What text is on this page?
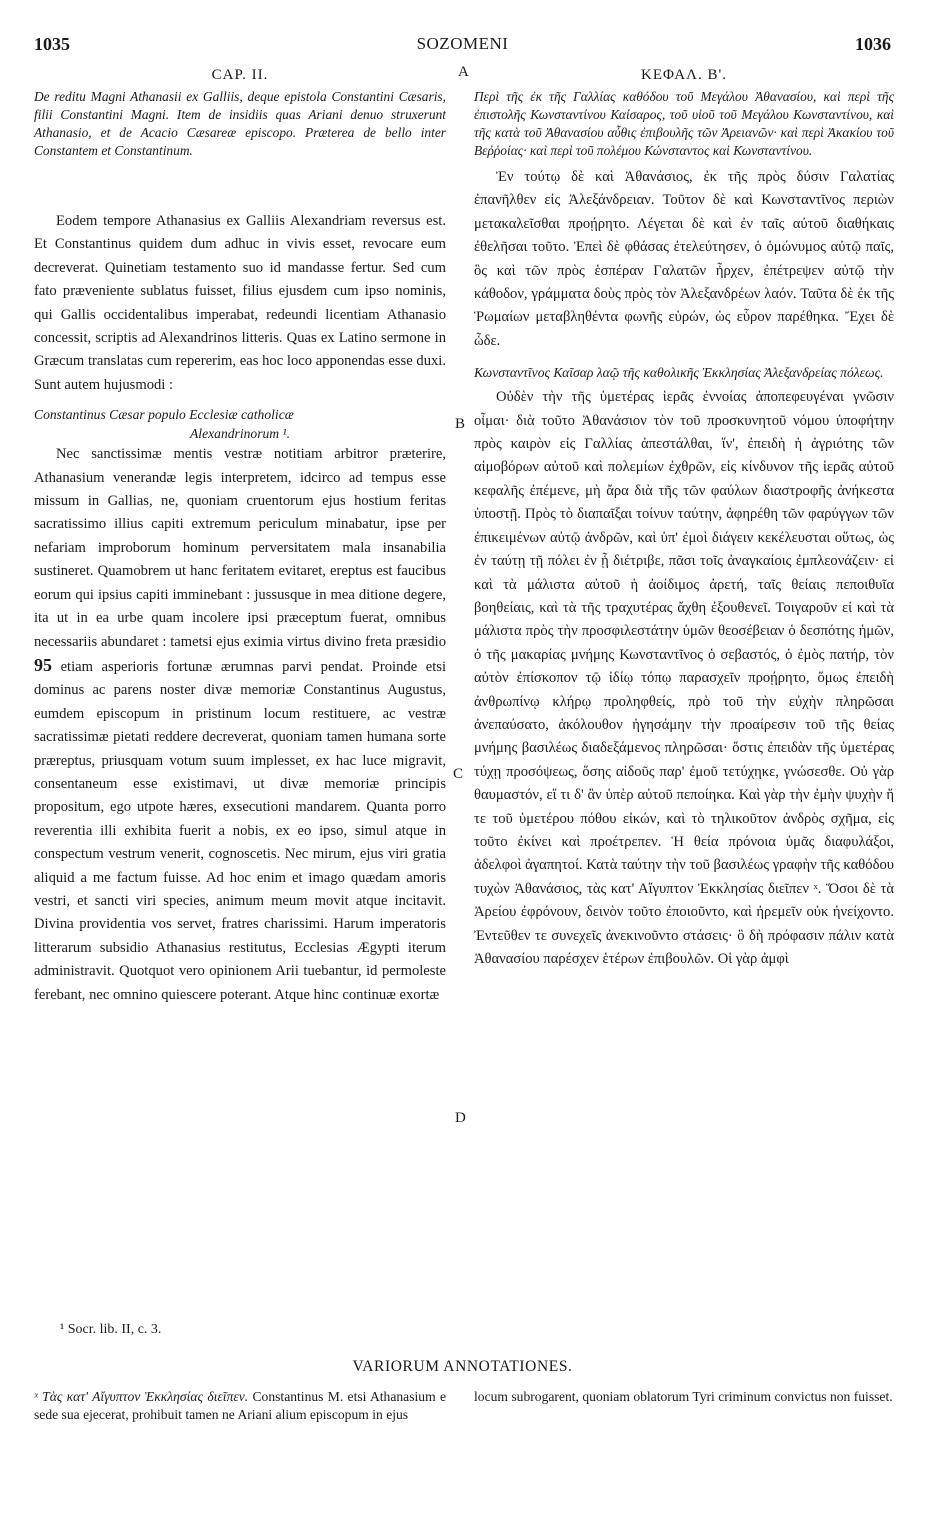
SOZOMENI
1035	1036
CAP. II.
De reditu Magni Athanasii ex Galliis, deque epistola Constantini Cæsaris, filii Constantini Magni. Item de insidiis quas Ariani denuo struxerunt Athanasio, et de Acacio Cæsareæ episcopo. Præterea de bello inter Constantem et Constantinum.

Eodem tempore Athanasius ex Galliis Alexandriam reversus est. Et Constantinus quidem dum adhuc in vivis esset, revocare eum decreverat. Quinetiam testamento suo id mandasse fertur. Sed cum fato præveniente sublatus fuisset, filius ejusdem cum ipso nominis, qui Gallis occidentalibus imperabat, redeundi licentiam Athanasio concessit, scriptis ad Alexandrinos litteris. Quas ex Latino sermone in Græcum translatas cum repererim, eas hoc loco apponendas esse duxi. Sunt autem hujusmodi :

Constantinus Cæsar populo Ecclesiæ catholicæ
Alexandrinorum ¹.

Nec sanctissimæ mentis vestræ notitiam arbitror præterire, Athanasium venerandæ legis interpretem, idcirco ad tempus esse missum in Gallias, ne, quoniam cruentorum ejus hostium feritas sacratissimo illius capiti extremum periculum minabatur, ipse per nefariam improborum hominum perversitatem mala insanabilia sustineret. Quamobrem ut hanc feritatem evitaret, ereptus est faucibus eorum qui ipsius capiti imminebant : jussusque in mea ditione degere, ita ut in ea urbe quam incolere ipsi præceptum fuerat, omnibus necessariis abundaret : tametsi ejus eximia virtus divino freta præsidio 95 etiam asperioris fortunæ ærumnas parvi pendat. Proinde etsi dominus ac parens noster divæ memoriæ Constantinus Augustus, eumdem episcopum in pristinum locum restituere, ac vestræ sacratissimæ pietati reddere decreverat, quoniam tamen humana sorte præreptus, priusquam votum suum implesset, ex hac luce migravit, consentaneum esse existimavi, ut divæ memoriæ principis propositum, ego utpote hæres, exsecutioni mandarem. Quanta porro reverentia illi exhibita fuerit a nobis, ex eo ipso, simul atque in conspectum vestrum venerit, cognoscetis. Nec mirum, ejus viri gratia aliquid a me factum fuisse. Ad hoc enim et imago quædam amoris vestri, et sancti viri species, animum meum movit atque incitavit. Divina providentia vos servet, fratres charissimi. Harum imperatoris litterarum subsidio Athanasius restitutus, Ecclesias Ægypti iterum administravit. Quotquot vero opinionem Arii tuebantur, id permoleste ferebant, nec omnino quiescere poterant. Atque hinc continuæ exortæ

ΚΕΦΑΛ. Β'.
Περὶ τῆς ἐκ τῆς Γαλλίας καθόδου τοῦ Μεγάλου Ἀθανασίου, καὶ περὶ τῆς ἐπιστολῆς Κωνσταντίνου Καίσαρος, τοῦ υἱοῦ τοῦ Μεγάλου Κωνσταντίνου, καὶ τῆς κατὰ τοῦ Ἀθανασίου αὖθις ἐπιβουλῆς τῶν Ἀρειανῶν· καὶ περὶ Ἀκακίου τοῦ Βεῤῥοίας· καὶ περὶ τοῦ πολέμου Κώνσταντος καὶ Κωνσταντίνου.

Ἐν τούτῳ δὲ καὶ Ἀθανάσιος, ἐκ τῆς πρὸς δύσιν Γαλατίας ἐπανῆλθεν εἰς Ἀλεξάνδρειαν. Τοῦτον δὲ καὶ Κωνσταντῖνος περιὼν μετακαλεῖσθαι προῄρητο. Λέγεται δὲ καὶ ἐν ταῖς αὐτοῦ διαθήκαις ἐθελῆσαι τοῦτο. Ἐπεὶ δὲ φθάσας ἐτελεύτησεν, ὁ ὁμώνυμος αὐτῷ παῖς, ὃς καὶ τῶν πρὸς ἑσπέραν Γαλατῶν ἦρχεν, ἐπέτρεψεν αὐτῷ τὴν κάθοδον, γράμματα δοὺς πρὸς τὸν Ἀλεξανδρέων λαόν. Ταῦτα δὲ ἐκ τῆς Ῥωμαίων μεταβληθέντα φωνῆς εὑρών, ὡς εὗρον παρέθηκα. Ἔχει δὲ ὧδε.

Κωνσταντῖνος Καῖσαρ λαῷ τῆς καθολικῆς Ἐκκλησίας Ἀλεξανδρείας πόλεως.

Οὐδὲν τὴν τῆς ὑμετέρας ἱερᾶς ἐννοίας ἀποπεφευγέναι γνῶσιν οἶμαι· διὰ τοῦτο Ἀθανάσιον τὸν τοῦ προσκυνητοῦ νόμου ὑποφήτην πρὸς καιρὸν εἰς Γαλλίας ἀπεστάλθαι, ἵν', ἐπειδὴ ἡ ἀγριότης τῶν αἱμοβόρων αὐτοῦ καὶ πολεμίων ἐχθρῶν, εἰς κίνδυνον τῆς ἱερᾶς αὐτοῦ κεφαλῆς ἐπέμενε, μὴ ἄρα διὰ τῆς τῶν φαύλων διαστροφῆς ἀνήκεστα ὑποστῇ. Πρὸς τὸ διαπαῖξαι τοίνυν ταύτην, ἀφηρέθη τῶν φαρύγγων τῶν ἐπικειμένων αὐτῷ ἀνδρῶν, καὶ ὑπ' ἐμοὶ διάγειν κεκέλευσται οὕτως, ὡς ἐν ταύτῃ τῇ πόλει ἐν ᾗ διέτριβε, πᾶσι τοῖς ἀναγκαίοις ἐμπλεονάζειν· εἰ καὶ τὰ μάλιστα αὐτοῦ ἡ ἀοίδιμος ἀρετή, ταῖς θείαις πεποιθυῖα βοηθείαις, καὶ τὰ τῆς τραχυτέρας ἄχθη ἐξουθενεῖ. Τοιγαροῦν εἰ καὶ τὰ μάλιστα πρὸς τὴν προσφιλεστάτην ὑμῶν θεοσέβειαν ὁ δεσπότης ἡμῶν, ὁ τῆς μακαρίας μνήμης Κωνσταντῖνος ὁ σεβαστός, ὁ ἐμὸς πατήρ, τὸν αὐτὸν ἐπίσκοπον τῷ ἰδίῳ τόπῳ παρασχεῖν προῄρητο, ὅμως ἐπειδὴ ἀνθρωπίνῳ κλήρῳ προληφθείς, πρὸ τοῦ τὴν εὐχὴν πληρῶσαι ἀνεπαύσατο, ἀκόλουθον ἡγησάμην τὴν προαίρεσιν τοῦ τῆς θείας μνήμης βασιλέως διαδεξάμενος πληρῶσαι· ὅστις ἐπειδὰν τῆς ὑμετέρας τύχῃ προσόψεως, ὅσης αἰδοῦς παρ' ἐμοῦ τετύχηκε, γνώσεσθε. Οὐ γὰρ θαυμαστόν, εἴ τι δ' ἂν ὑπὲρ αὐτοῦ πεποίηκα. Καὶ γὰρ τὴν ἐμὴν ψυχὴν ἥ τε τοῦ ὑμετέρου πόθου εἰκών, καὶ τὸ τηλικοῦτον ἀνδρὸς σχῆμα, εἰς τοῦτο ἐκίνει καὶ προέτρεπεν. Ἡ θεία πρόνοια ὑμᾶς διαφυλάξοι, ἀδελφοὶ ἀγαπητοί. Κατὰ ταύτην τὴν τοῦ βασιλέως γραφὴν τῆς καθόδου τυχὼν Ἀθανάσιος, τὰς κατ' Αἴγυπτον Ἐκκλησίας διεῖπεν ˣ. Ὅσοι δὲ τὰ Ἀρείου ἐφρόνουν, δεινὸν τοῦτο ἐποιοῦντο, καὶ ἠρεμεῖν οὐκ ἠνείχοντο. Ἐντεῦθεν τε συνεχεῖς ἀνεκινοῦντο στάσεις· ὃ δὴ πρόφασιν πάλιν κατὰ Ἀθανασίου παρέσχεν ἑτέρων ἐπιβουλῶν. Οἱ γὰρ ἀμφὶ

A
B
C
D
¹ Socr. lib. II, c. 3.
VARIORUM ANNOTATIONES.
ˣ Τὰς κατ' Αἴγυπτον Ἐκκλησίας διεῖπεν. Constantinus M. etsi Athanasium e sede sua ejecerat, prohibuit tamen ne Ariani alium episcopum in ejus
locum subrogarent, quoniam oblatorum Tyri criminum convictus non fuisset.
